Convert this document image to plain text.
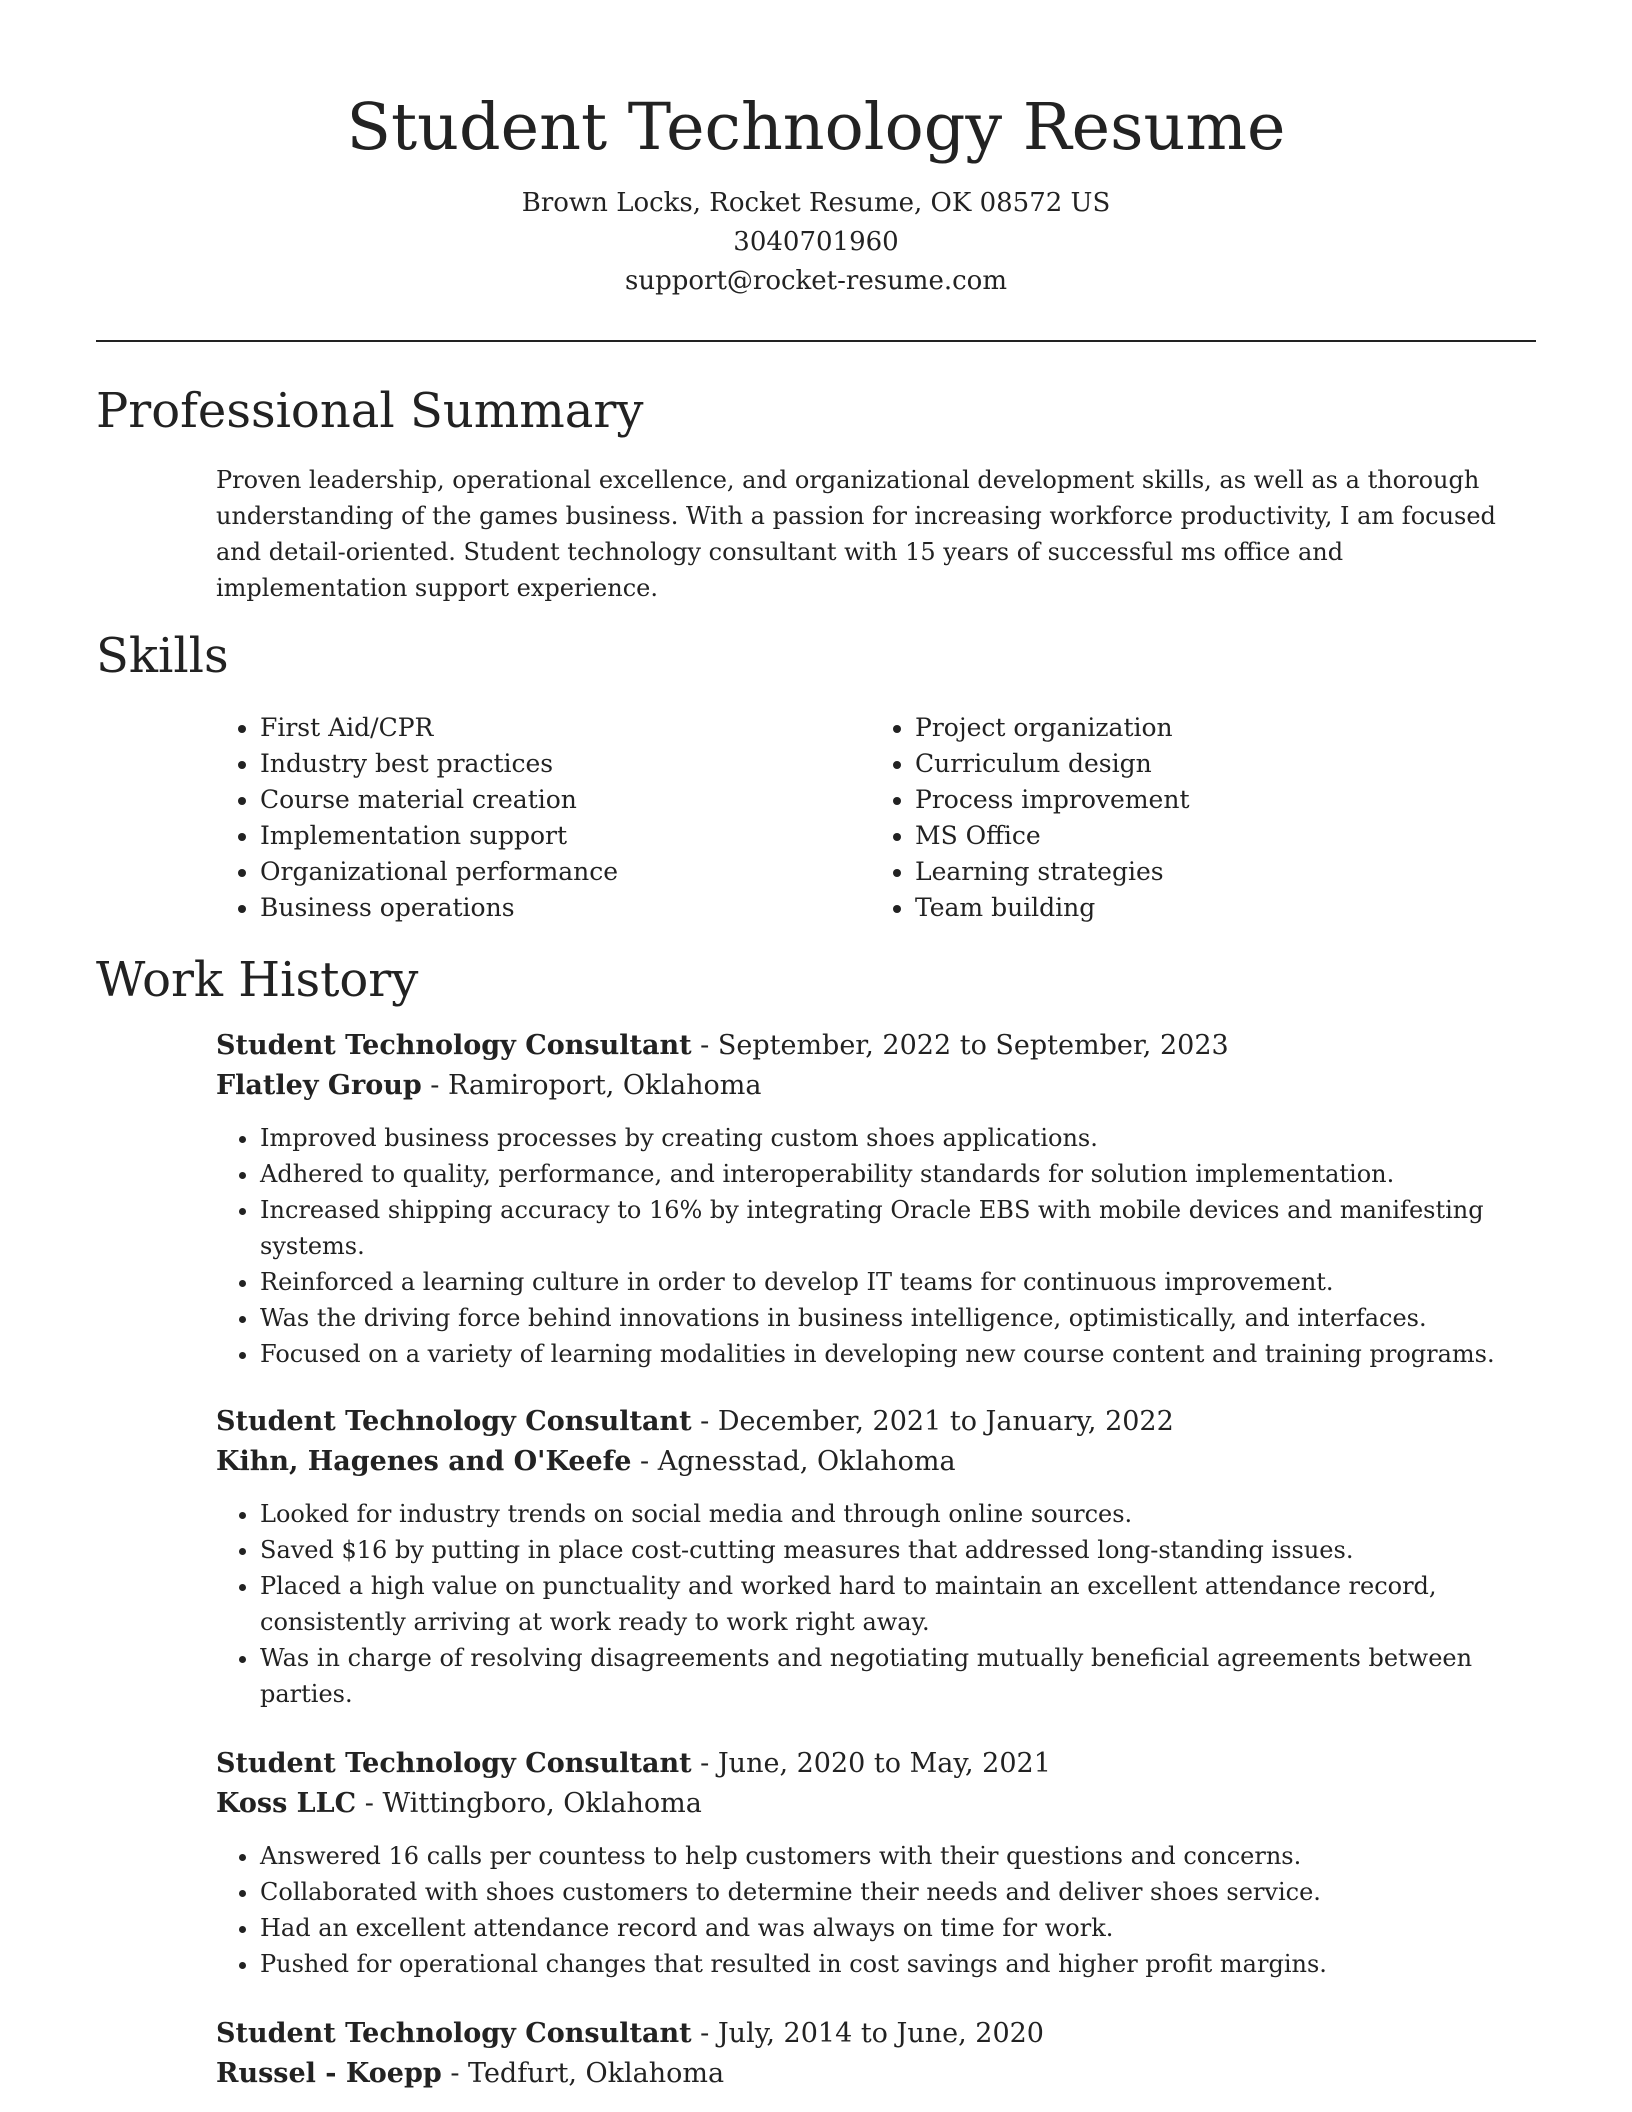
Student Technology Resume
Brown Locks, Rocket Resume, OK 08572 US
3040701960
support@rocket-resume.com
Professional Summary

Proven leadership, operational excellence, and organizational development skills, as well as a thorough understanding of the games business. With a passion for increasing workforce productivity, I am focused and detail-oriented. Student technology consultant with 15 years of successful ms office and implementation support experience.

Skills
• First Aid/CPR
• Industry best practices
• Course material creation
• Implementation support
• Organizational performance
• Business operations
• Project organization
• Curriculum design
• Process improvement
• MS Office
• Learning strategies
• Team building
Work History

Student Technology Consultant - September, 2022 to September, 2023

Flatley Group - Ramiroport, Oklahoma

• Improved business processes by creating custom shoes applications.
• Adhered to quality, performance, and interoperability standards for solution implementation.
• Increased shipping accuracy to 16% by integrating Oracle EBS with mobile devices and manifesting systems.
• Reinforced a learning culture in order to develop IT teams for continuous improvement.
• Was the driving force behind innovations in business intelligence, optimistically, and interfaces.
• Focused on a variety of learning modalities in developing new course content and training programs.

Student Technology Consultant - December, 2021 to January, 2022

Kihn, Hagenes and O'Keefe - Agnesstad, Oklahoma

• Looked for industry trends on social media and through online sources.
• Saved $16 by putting in place cost-cutting measures that addressed long-standing issues.
• Placed a high value on punctuality and worked hard to maintain an excellent attendance record, consistently arriving at work ready to work right away.
• Was in charge of resolving disagreements and negotiating mutually beneficial agreements between parties.

Student Technology Consultant - June, 2020 to May, 2021

Koss LLC - Wittingboro, Oklahoma

• Answered 16 calls per countess to help customers with their questions and concerns.
• Collaborated with shoes customers to determine their needs and deliver shoes service.
• Had an excellent attendance record and was always on time for work.
• Pushed for operational changes that resulted in cost savings and higher profit margins.

Student Technology Consultant - July, 2014 to June, 2020

Russel - Koepp - Tedfurt, Oklahoma
